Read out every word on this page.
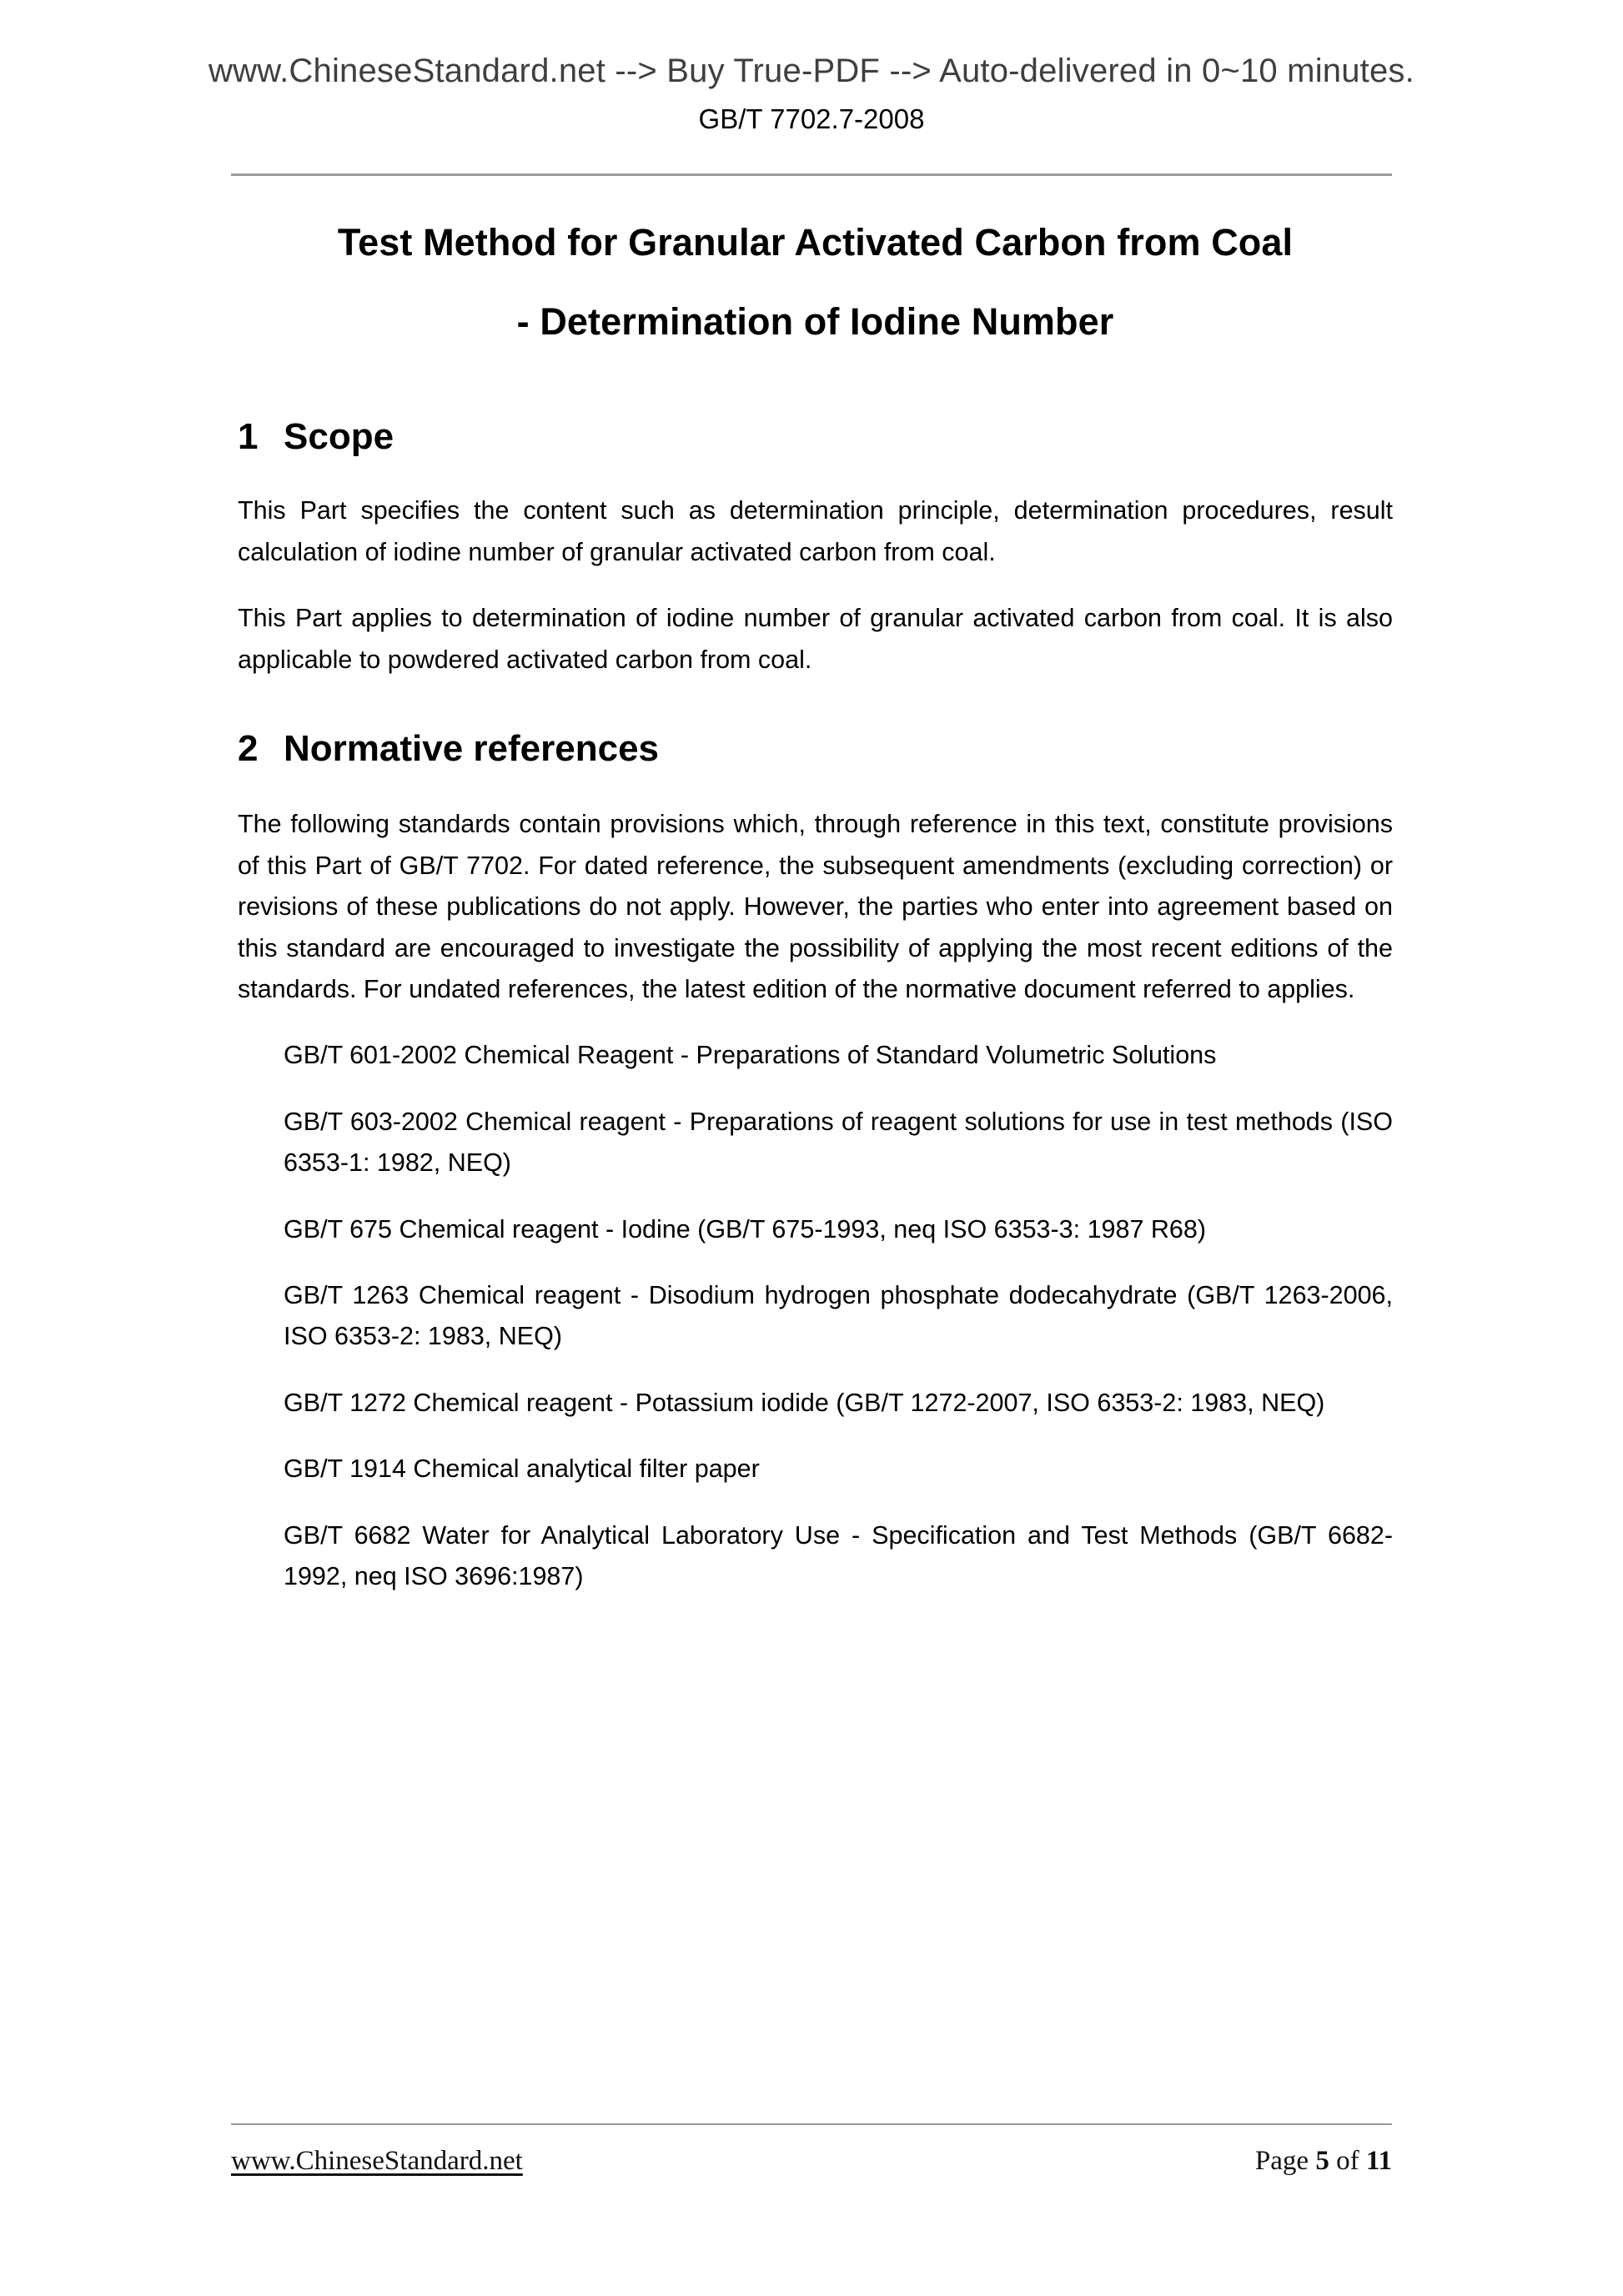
www.ChineseStandard.net --> Buy True-PDF --> Auto-delivered in 0~10 minutes.
GB/T 7702.7-2008
Test Method for Granular Activated Carbon from Coal
- Determination of Iodine Number
1 Scope

This Part specifies the content such as determination principle, determination procedures, result calculation of iodine number of granular activated carbon from coal.

This Part applies to determination of iodine number of granular activated carbon from coal. It is also applicable to powdered activated carbon from coal.

2 Normative references

The following standards contain provisions which, through reference in this text, constitute provisions of this Part of GB/T 7702. For dated reference, the subsequent amendments (excluding correction) or revisions of these publications do not apply. However, the parties who enter into agreement based on this standard are encouraged to investigate the possibility of applying the most recent editions of the standards. For undated references, the latest edition of the normative document referred to applies.

GB/T 601-2002 Chemical Reagent - Preparations of Standard Volumetric Solutions

GB/T 603-2002 Chemical reagent - Preparations of reagent solutions for use in test methods (ISO 6353-1: 1982, NEQ)

GB/T 675 Chemical reagent - Iodine (GB/T 675-1993, neq ISO 6353-3: 1987 R68)

GB/T 1263 Chemical reagent - Disodium hydrogen phosphate dodecahydrate (GB/T 1263-2006, ISO 6353-2: 1983, NEQ)

GB/T 1272 Chemical reagent - Potassium iodide (GB/T 1272-2007, ISO 6353-2: 1983, NEQ)

GB/T 1914 Chemical analytical filter paper

GB/T 6682 Water for Analytical Laboratory Use - Specification and Test Methods (GB/T 6682-1992, neq ISO 3696:1987)

www.ChineseStandard.net	Page 5 of 11
